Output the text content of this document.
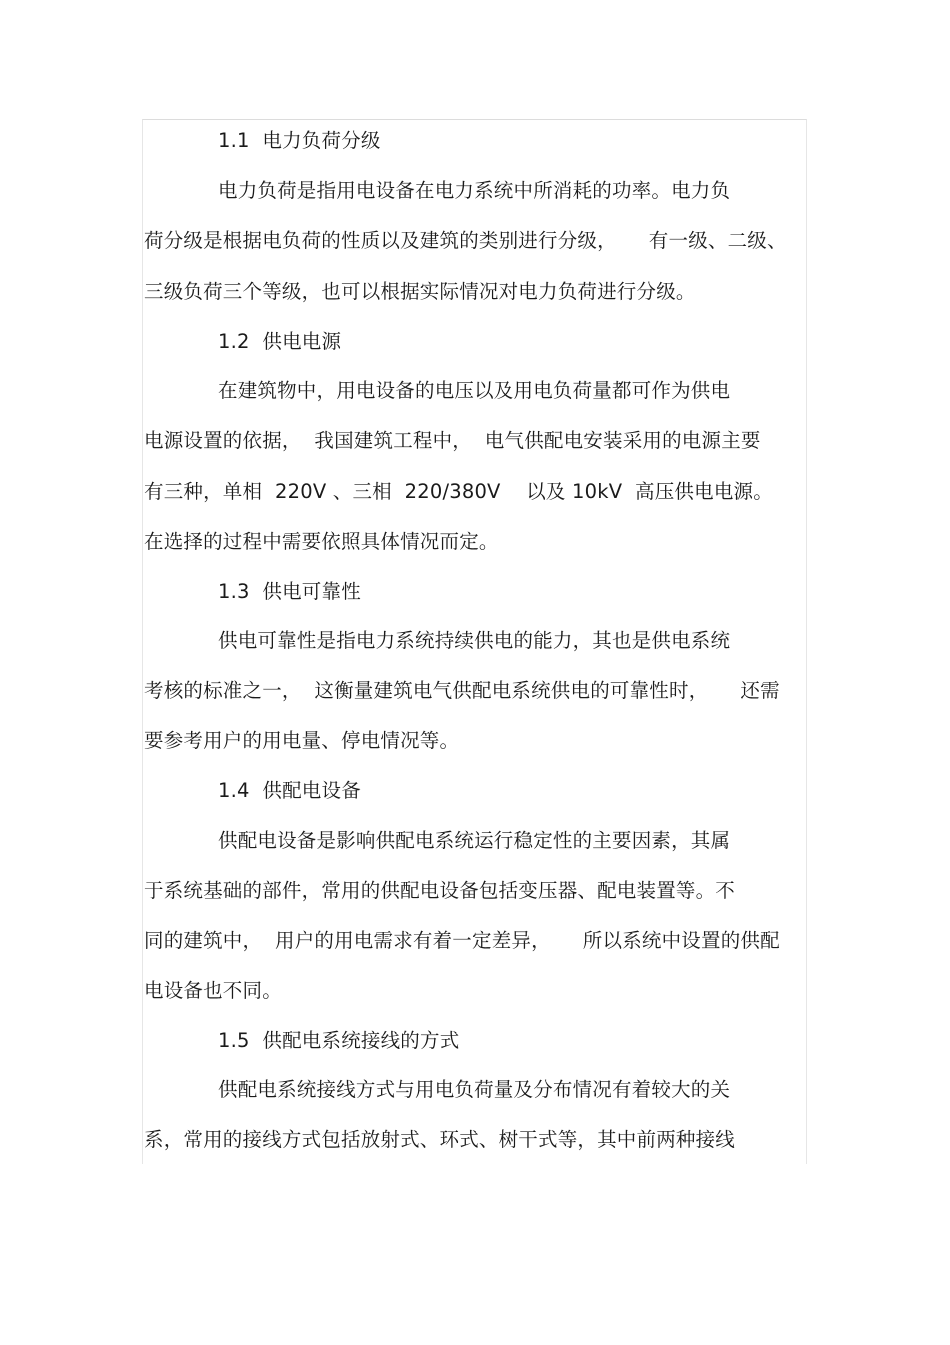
1.1  电力负荷分级
电力负荷是指用电设备在电力系统中所消耗的功率。电力负
荷分级是根据电负荷的性质以及建筑的类别进行分级，     有一级、二级、
三级负荷三个等级，也可以根据实际情况对电力负荷进行分级。
1.2  供电电源
在建筑物中，用电设备的电压以及用电负荷量都可作为供电
电源设置的依据，  我国建筑工程中，  电气供配电安装采用的电源主要
有三种，单相  220V 、三相  220/380V    以及 10kV  高压供电电源。
在选择的过程中需要依照具体情况而定。
1.3  供电可靠性
供电可靠性是指电力系统持续供电的能力，其也是供电系统
考核的标准之一，  这衡量建筑电气供配电系统供电的可靠性时，     还需
要参考用户的用电量、停电情况等。
1.4  供配电设备
供配电设备是影响供配电系统运行稳定性的主要因素，其属
于系统基础的部件，常用的供配电设备包括变压器、配电装置等。不
同的建筑中，  用户的用电需求有着一定差异，     所以系统中设置的供配
电设备也不同。
1.5  供配电系统接线的方式
供配电系统接线方式与用电负荷量及分布情况有着较大的关
系，常用的接线方式包括放射式、环式、树干式等，其中前两种接线
